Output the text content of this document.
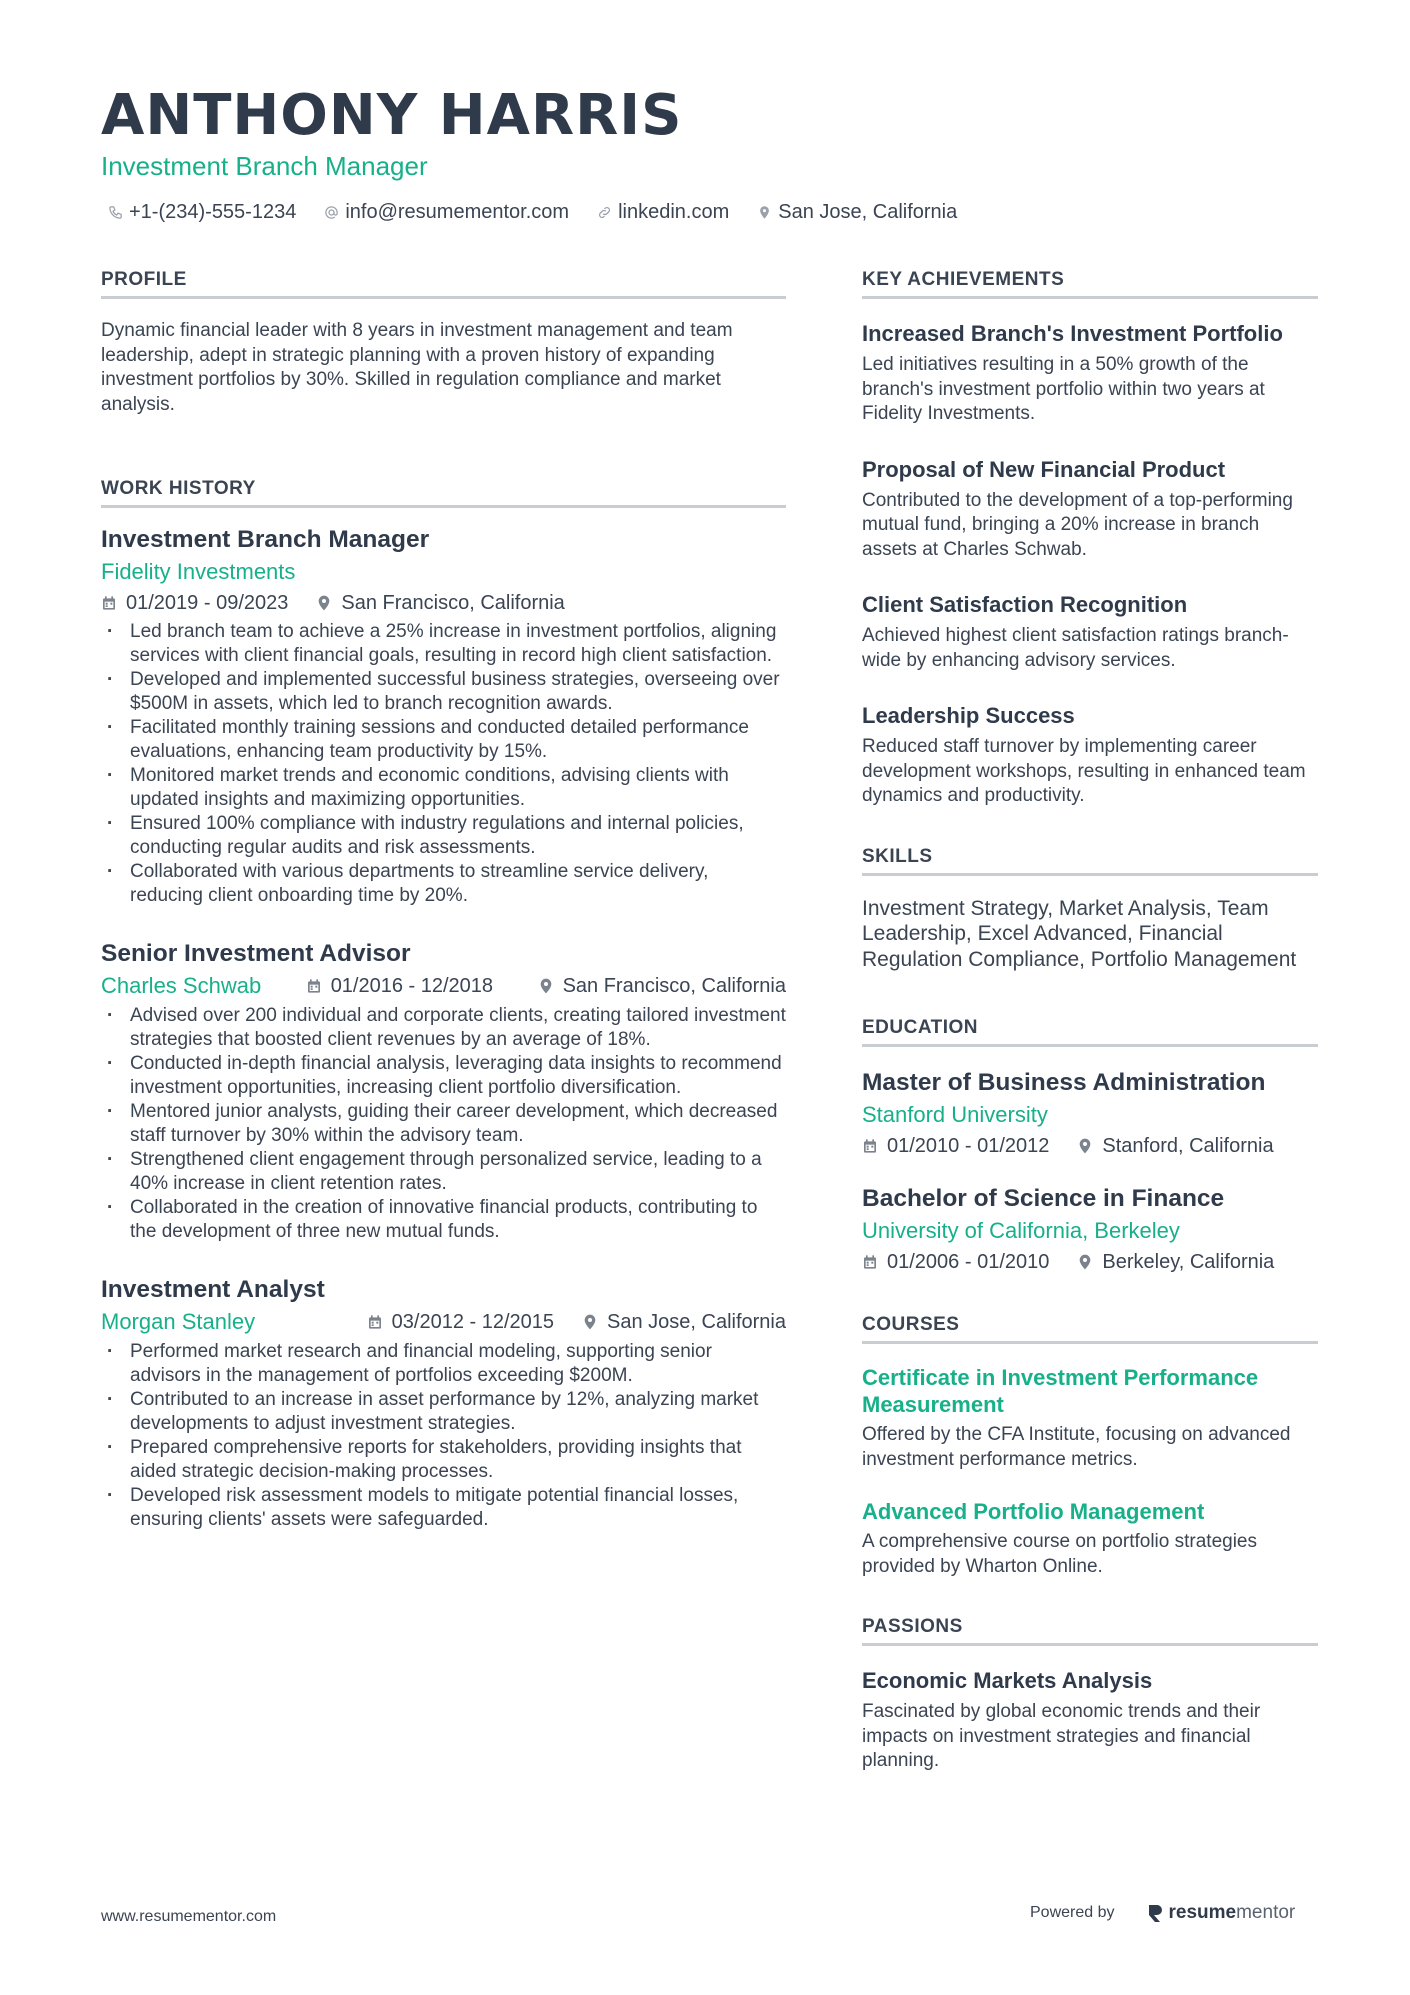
ANTHONY HARRIS
Investment Branch Manager
+1-(234)-555-1234 info@resumementor.com linkedin.com San Jose, California
PROFILE

Dynamic financial leader with 8 years in investment management and team leadership, adept in strategic planning with a proven history of expanding investment portfolios by 30%. Skilled in regulation compliance and market analysis.

WORK HISTORY
Investment Branch Manager
Fidelity Investments
01/2019 - 09/2023	San Francisco, California
· Led branch team to achieve a 25% increase in investment portfolios, aligning services with client financial goals, resulting in record high client satisfaction.
· Developed and implemented successful business strategies, overseeing over $500M in assets, which led to branch recognition awards.
· Facilitated monthly training sessions and conducted detailed performance evaluations, enhancing team productivity by 15%.
· Monitored market trends and economic conditions, advising clients with updated insights and maximizing opportunities.
· Ensured 100% compliance with industry regulations and internal policies, conducting regular audits and risk assessments.
· Collaborated with various departments to streamline service delivery, reducing client onboarding time by 20%.
Senior Investment Advisor
Charles Schwab	01/2016 - 12/2018	San Francisco, California
· Advised over 200 individual and corporate clients, creating tailored investment strategies that boosted client revenues by an average of 18%.
· Conducted in-depth financial analysis, leveraging data insights to recommend investment opportunities, increasing client portfolio diversification.
· Mentored junior analysts, guiding their career development, which decreased staff turnover by 30% within the advisory team.
· Strengthened client engagement through personalized service, leading to a 40% increase in client retention rates.
· Collaborated in the creation of innovative financial products, contributing to the development of three new mutual funds.
Investment Analyst
Morgan Stanley	03/2012 - 12/2015	San Jose, California
· Performed market research and financial modeling, supporting senior advisors in the management of portfolios exceeding $200M.
· Contributed to an increase in asset performance by 12%, analyzing market developments to adjust investment strategies.
· Prepared comprehensive reports for stakeholders, providing insights that aided strategic decision-making processes.
· Developed risk assessment models to mitigate potential financial losses, ensuring clients' assets were safeguarded.
KEY ACHIEVEMENTS
Increased Branch's Investment Portfolio

Led initiatives resulting in a 50% growth of the branch's investment portfolio within two years at Fidelity Investments.

Proposal of New Financial Product

Contributed to the development of a top-performing mutual fund, bringing a 20% increase in branch assets at Charles Schwab.

Client Satisfaction Recognition

Achieved highest client satisfaction ratings branch-wide by enhancing advisory services.

Leadership Success

Reduced staff turnover by implementing career development workshops, resulting in enhanced team dynamics and productivity.

SKILLS

Investment Strategy, Market Analysis, Team Leadership, Excel Advanced, Financial Regulation Compliance, Portfolio Management

EDUCATION
Master of Business Administration
Stanford University
01/2010 - 01/2012	Stanford, California
Bachelor of Science in Finance
University of California, Berkeley
01/2006 - 01/2010	Berkeley, California
COURSES
Certificate in Investment Performance Measurement

Offered by the CFA Institute, focusing on advanced investment performance metrics.

Advanced Portfolio Management

A comprehensive course on portfolio strategies provided by Wharton Online.

PASSIONS
Economic Markets Analysis

Fascinated by global economic trends and their impacts on investment strategies and financial planning.

www.resumementor.com	Powered by	resume mentor
